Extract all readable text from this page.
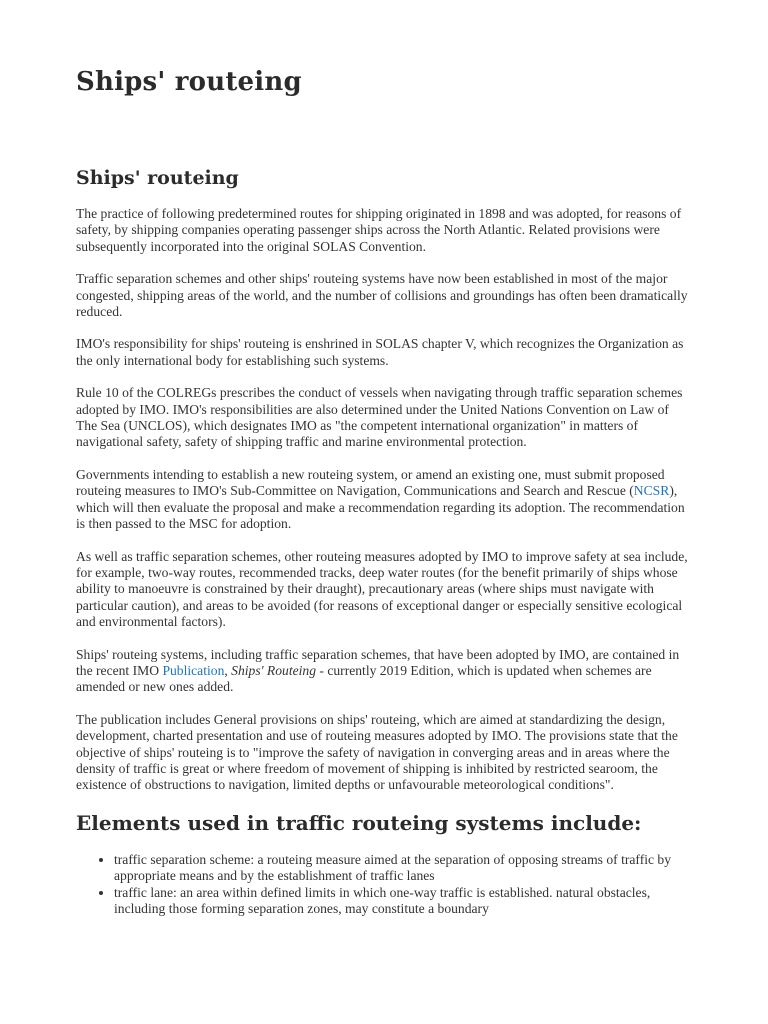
Ships' routeing
Ships' routeing

The practice of following predetermined routes for shipping originated in 1898 and was adopted, for reasons of safety, by shipping companies operating passenger ships across the North Atlantic. Related provisions were subsequently incorporated into the original SOLAS Convention.

Traffic separation schemes and other ships' routeing systems have now been established in most of the major congested, shipping areas of the world, and the number of collisions and groundings has often been dramatically reduced.

IMO's responsibility for ships' routeing is enshrined in SOLAS chapter V, which recognizes the Organization as the only international body for establishing such systems.

Rule 10 of the COLREGs prescribes the conduct of vessels when navigating through traffic separation schemes adopted by IMO. IMO's responsibilities are also determined under the United Nations Convention on Law of The Sea (UNCLOS), which designates IMO as "the competent international organization" in matters of navigational safety, safety of shipping traffic and marine environmental protection.

Governments intending to establish a new routeing system, or amend an existing one, must submit proposed routeing measures to IMO's Sub-Committee on Navigation, Communications and Search and Rescue (NCSR), which will then evaluate the proposal and make a recommendation regarding its adoption. The recommendation is then passed to the MSC for adoption.

As well as traffic separation schemes, other routeing measures adopted by IMO to improve safety at sea include, for example, two-way routes, recommended tracks, deep water routes (for the benefit primarily of ships whose ability to manoeuvre is constrained by their draught), precautionary areas (where ships must navigate with particular caution), and areas to be avoided (for reasons of exceptional danger or especially sensitive ecological and environmental factors).

Ships' routeing systems, including traffic separation schemes, that have been adopted by IMO, are contained in the recent IMO Publication, Ships' Routeing - currently 2019 Edition, which is updated when schemes are amended or new ones added.

The publication includes General provisions on ships' routeing, which are aimed at standardizing the design, development, charted presentation and use of routeing measures adopted by IMO. The provisions state that the objective of ships' routeing is to "improve the safety of navigation in converging areas and in areas where the density of traffic is great or where freedom of movement of shipping is inhibited by restricted searoom, the existence of obstructions to navigation, limited depths or unfavourable meteorological conditions".

Elements used in traffic routeing systems include:
• traffic separation scheme: a routeing measure aimed at the separation of opposing streams of traffic by appropriate means and by the establishment of traffic lanes
• traffic lane: an area within defined limits in which one-way traffic is established. natural obstacles, including those forming separation zones, may constitute a boundary
